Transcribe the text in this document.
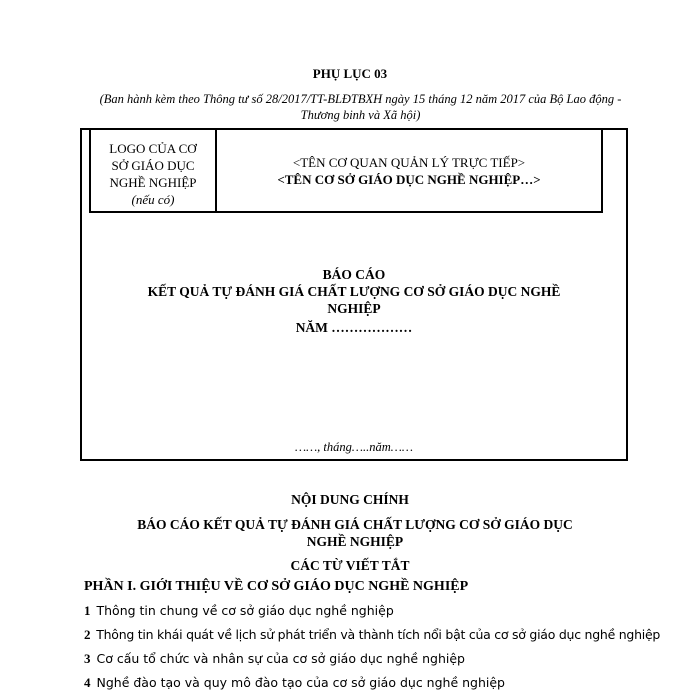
PHỤ LỤC 03
(Ban hành kèm theo Thông tư số 28/2017/TT-BLĐTBXH ngày 15 tháng 12 năm 2017 của Bộ Lao động - Thương binh và Xã hội)
LOGO CỦA CƠ
SỞ GIÁO DỤC
NGHỀ NGHIỆP
(nếu có)
<TÊN CƠ QUAN QUẢN LÝ TRỰC TIẾP>
<TÊN CƠ SỞ GIÁO DỤC NGHỀ NGHIỆP…>
BÁO CÁO
KẾT QUẢ TỰ ĐÁNH GIÁ CHẤT LƯỢNG CƠ SỞ GIÁO DỤC NGHỀ NGHIỆP
NĂM ………………
……, tháng…..năm……
NỘI DUNG CHÍNH
BÁO CÁO KẾT QUẢ TỰ ĐÁNH GIÁ CHẤT LƯỢNG CƠ SỞ GIÁO DỤC NGHỀ NGHIỆP
CÁC TỪ VIẾT TẮT
PHẦN I. GIỚI THIỆU VỀ CƠ SỞ GIÁO DỤC NGHỀ NGHIỆP
1 Thông tin chung về cơ sở giáo dục nghề nghiệp
2 Thông tin khái quát về lịch sử phát triển và thành tích nổi bật của cơ sở giáo dục nghề nghiệp
3 Cơ cấu tổ chức và nhân sự của cơ sở giáo dục nghề nghiệp
4 Nghề đào tạo và quy mô đào tạo của cơ sở giáo dục nghề nghiệp
